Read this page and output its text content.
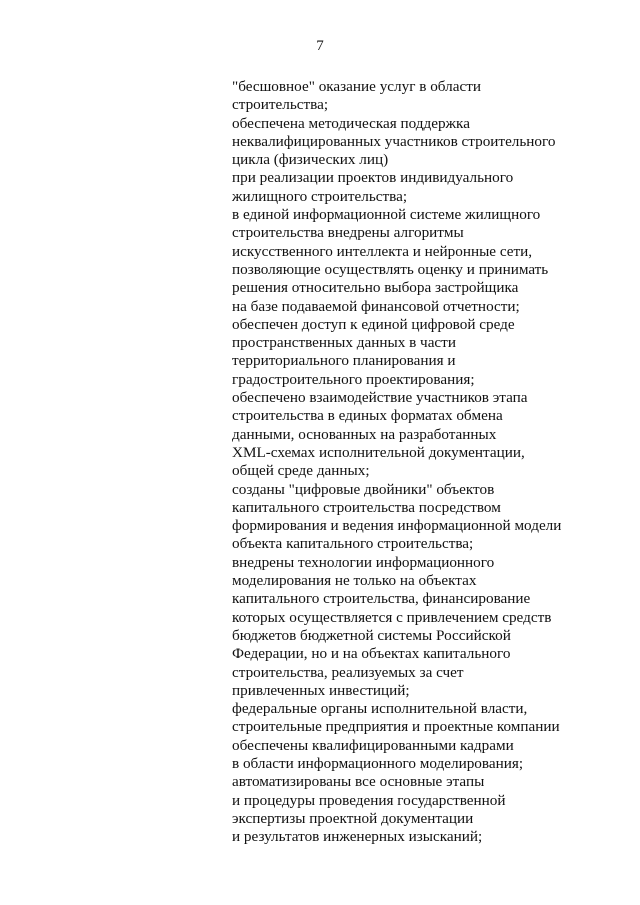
7

"бесшовное" оказание услуг в области
строительства;
обеспечена методическая поддержка
неквалифицированных участников строительного
цикла (физических лиц)
при реализации проектов индивидуального
жилищного строительства;
в единой информационной системе жилищного
строительства внедрены алгоритмы
искусственного интеллекта и нейронные сети,
позволяющие осуществлять оценку и принимать
решения относительно выбора застройщика
на базе подаваемой финансовой отчетности;
обеспечен доступ к единой цифровой среде
пространственных данных в части
территориального планирования и
градостроительного проектирования;
обеспечено взаимодействие участников этапа
строительства в единых форматах обмена
данными, основанных на разработанных
XML-схемах исполнительной документации,
общей среде данных;
созданы "цифровые двойники" объектов
капитального строительства посредством
формирования и ведения информационной модели
объекта капитального строительства;
внедрены технологии информационного
моделирования не только на объектах
капитального строительства, финансирование
которых осуществляется с привлечением средств
бюджетов бюджетной системы Российской
Федерации, но и на объектах капитального
строительства, реализуемых за счет
привлеченных инвестиций;
федеральные органы исполнительной власти,
строительные предприятия и проектные компании
обеспечены квалифицированными кадрами
в области информационного моделирования;
автоматизированы все основные этапы
и процедуры проведения государственной
экспертизы проектной документации
и результатов инженерных изысканий;
